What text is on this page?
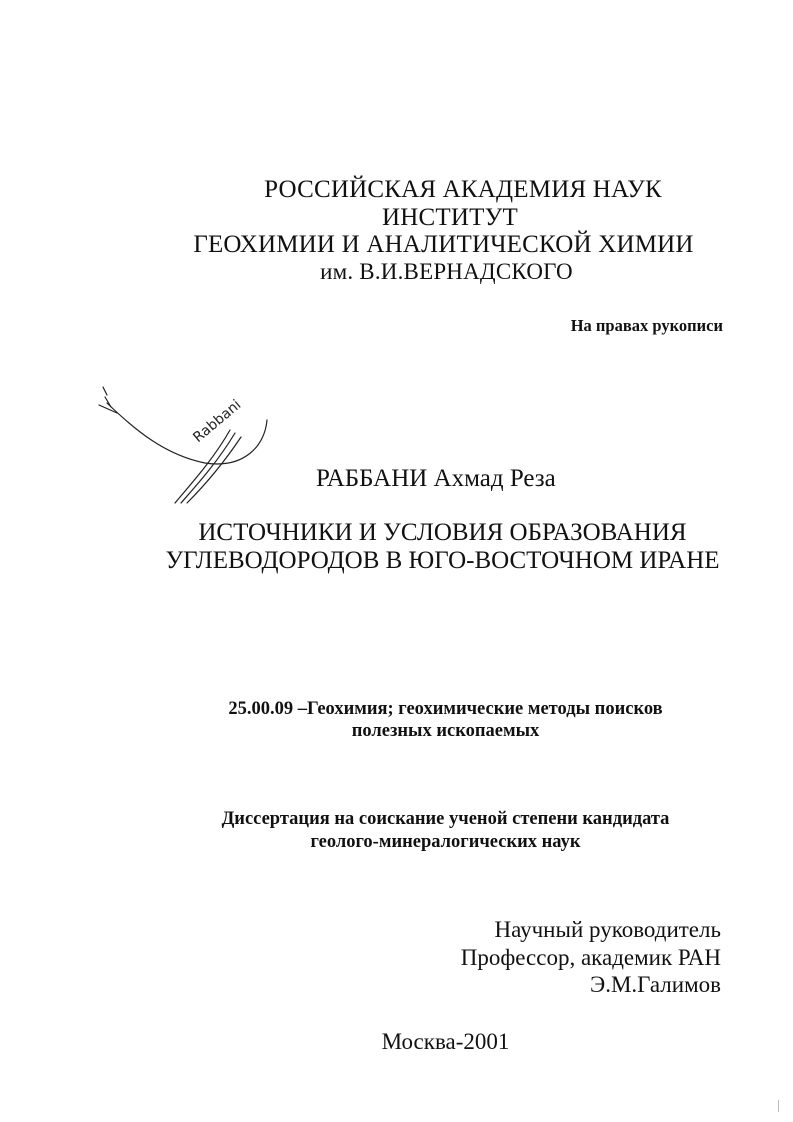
РОССИЙСКАЯ АКАДЕМИЯ НАУК
ИНСТИТУТ
ГЕОХИМИИ И АНАЛИТИЧЕСКОЙ ХИМИИ
им. В.И.ВЕРНАДСКОГО
На правах рукописи
Rabbani
РАББАНИ Ахмад Реза
ИСТОЧНИКИ И УСЛОВИЯ ОБРАЗОВАНИЯ
УГЛЕВОДОРОДОВ В ЮГО-ВОСТОЧНОМ ИРАНЕ
25.00.09 –Геохимия; геохимические методы поисков
полезных ископаемых
Диссертация на соискание ученой степени кандидата
геолого-минералогических наук
Научный руководитель
Профессор, академик РАН
Э.М.Галимов
Москва-2001
